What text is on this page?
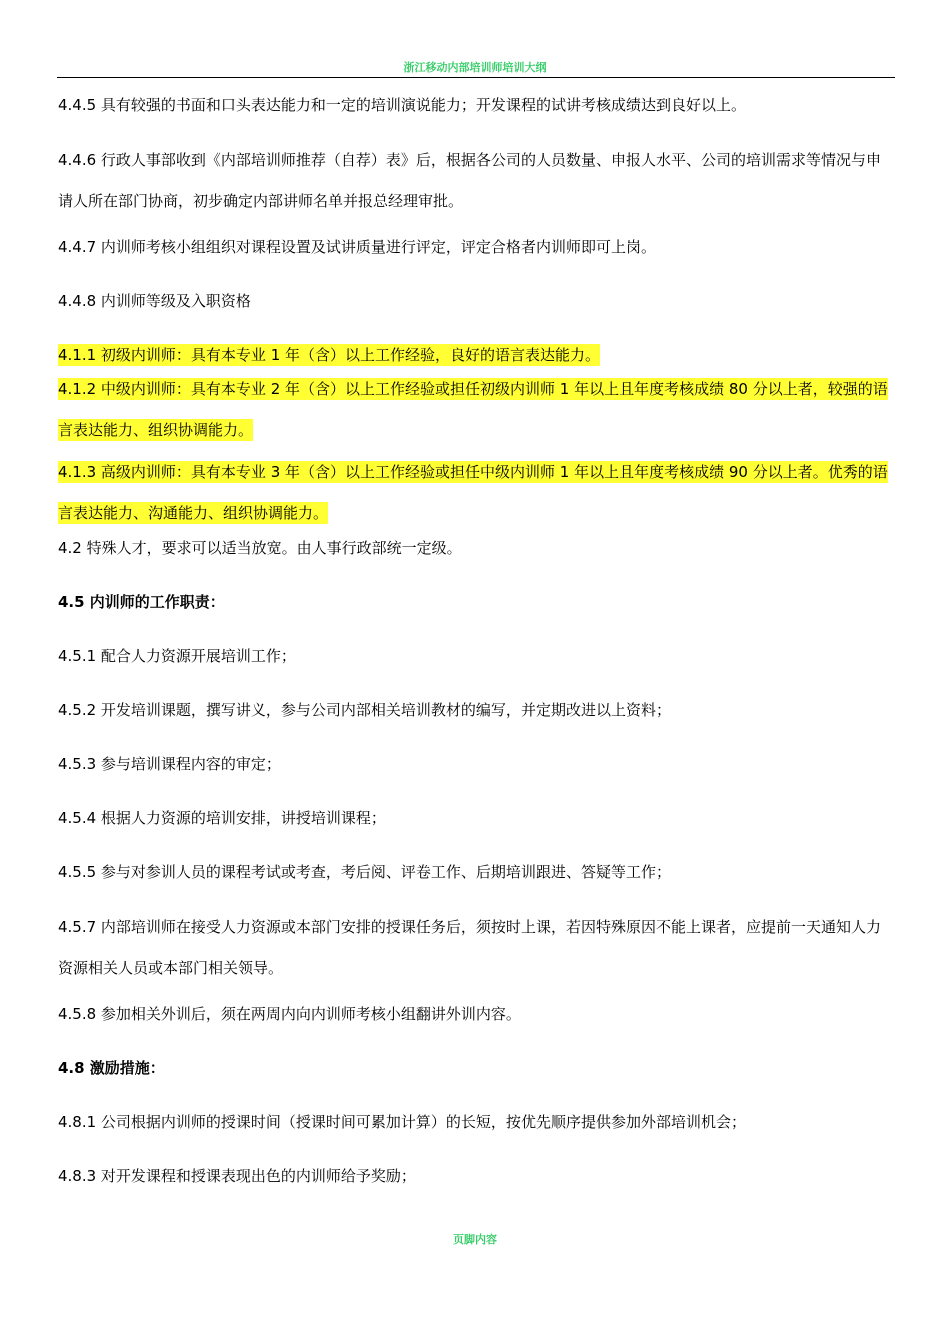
浙江移动内部培训师培训大纲

4.4.5 具有较强的书面和口头表达能力和一定的培训演说能力；开发课程的试讲考核成绩达到良好以上。

4.4.6 行政人事部收到《内部培训师推荐（自荐）表》后，根据各公司的人员数量、申报人水平、公司的培训需求等情况与申请人所在部门协商，初步确定内部讲师名单并报总经理审批。

4.4.7 内训师考核小组组织对课程设置及试讲质量进行评定，评定合格者内训师即可上岗。

4.4.8 内训师等级及入职资格

4.1.1 初级内训师：具有本专业 1 年（含）以上工作经验，良好的语言表达能力。

4.1.2 中级内训师：具有本专业 2 年（含）以上工作经验或担任初级内训师 1 年以上且年度考核成绩 80 分以上者，较强的语言表达能力、组织协调能力。

4.1.3 高级内训师：具有本专业 3 年（含）以上工作经验或担任中级内训师 1 年以上且年度考核成绩 90 分以上者。优秀的语言表达能力、沟通能力、组织协调能力。

4.2 特殊人才，要求可以适当放宽。由人事行政部统一定级。

4.5 内训师的工作职责：

4.5.1 配合人力资源开展培训工作；

4.5.2 开发培训课题，撰写讲义，参与公司内部相关培训教材的编写，并定期改进以上资料；

4.5.3 参与培训课程内容的审定；

4.5.4 根据人力资源的培训安排，讲授培训课程；

4.5.5 参与对参训人员的课程考试或考查，考后阅、评卷工作、后期培训跟进、答疑等工作；

4.5.7 内部培训师在接受人力资源或本部门安排的授课任务后，须按时上课，若因特殊原因不能上课者，应提前一天通知人力资源相关人员或本部门相关领导。

4.5.8 参加相关外训后，须在两周内向内训师考核小组翻讲外训内容。

4.8 激励措施：

4.8.1 公司根据内训师的授课时间（授课时间可累加计算）的长短，按优先顺序提供参加外部培训机会；

4.8.3 对开发课程和授课表现出色的内训师给予奖励；

页脚内容
